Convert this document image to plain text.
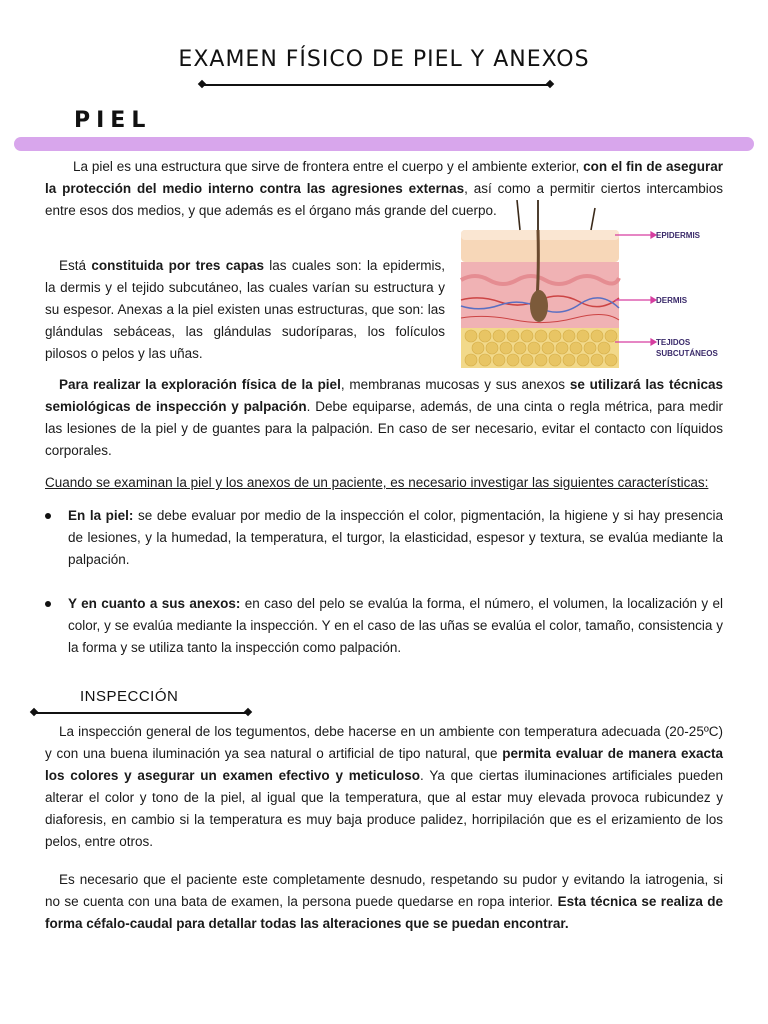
EXAMEN FÍSICO DE PIEL Y ANEXOS
PIEL

La piel es una estructura que sirve de frontera entre el cuerpo y el ambiente exterior, con el fin de asegurar la protección del medio interno contra las agresiones externas, así como a permitir ciertos intercambios entre esos dos medios, y que además es el órgano más grande del cuerpo.

Está constituida por tres capas las cuales son: la epidermis, la dermis y el tejido subcutáneo, las cuales varían su estructura y su espesor. Anexas a la piel existen unas estructuras, que son: las glándulas sebáceas, las glándulas sudoríparas, los folículos pilosos o pelos y las uñas.

EPIDERMIS
DERMIS
TEJIDOS
SUBCUTÁNEOS

Para realizar la exploración física de la piel, membranas mucosas y sus anexos se utilizará las técnicas semiológicas de inspección y palpación. Debe equiparse, además, de una cinta o regla métrica, para medir las lesiones de la piel y de guantes para la palpación. En caso de ser necesario, evitar el contacto con líquidos corporales.

Cuando se examinan la piel y los anexos de un paciente, es necesario investigar las siguientes características:

En la piel: se debe evaluar por medio de la inspección el color, pigmentación, la higiene y si hay presencia de lesiones, y la humedad, la temperatura, el turgor, la elasticidad, espesor y textura, se evalúa mediante la palpación.
Y en cuanto a sus anexos: en caso del pelo se evalúa la forma, el número, el volumen, la localización y el color, y se evalúa mediante la inspección. Y en el caso de las uñas se evalúa el color, tamaño, consistencia y la forma y se utiliza tanto la inspección como palpación.
INSPECCIÓN

La inspección general de los tegumentos, debe hacerse en un ambiente con temperatura adecuada (20-25ºC) y con una buena iluminación ya sea natural o artificial de tipo natural, que permita evaluar de manera exacta los colores y asegurar un examen efectivo y meticuloso. Ya que ciertas iluminaciones artificiales pueden alterar el color y tono de la piel, al igual que la temperatura, que al estar muy elevada provoca rubicundez y diaforesis, en cambio si la temperatura es muy baja produce palidez, horripilación que es el erizamiento de los pelos, entre otros.

Es necesario que el paciente este completamente desnudo, respetando su pudor y evitando la iatrogenia, si no se cuenta con una bata de examen, la persona puede quedarse en ropa interior. Esta técnica se realiza de forma céfalo-caudal para detallar todas las alteraciones que se puedan encontrar.
